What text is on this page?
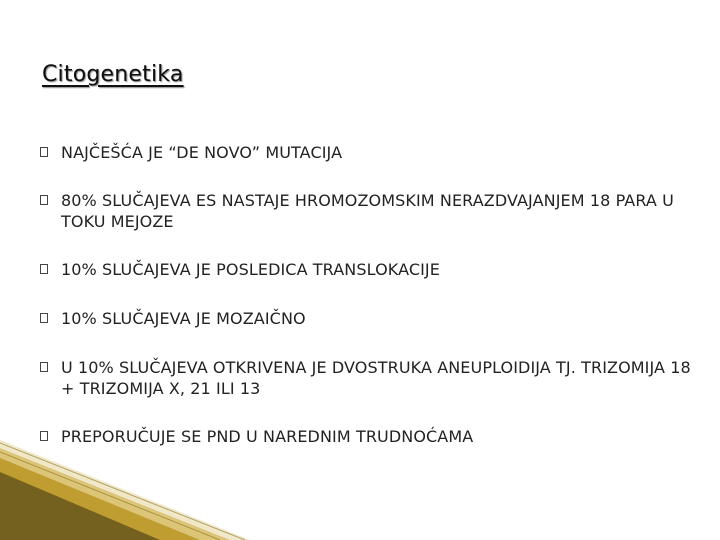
Citogenetika
NAJČEŠĆA JE “DE NOVO” MUTACIJA
80% SLUČAJEVA ES NASTAJE HROMOZOMSKIM NERAZDVAJANJEM 18 PARA U TOKU MEJOZE
10% SLUČAJEVA JE POSLEDICA TRANSLOKACIJE
10% SLUČAJEVA JE MOZAIČNO
U 10% SLUČAJEVA OTKRIVENA JE DVOSTRUKA ANEUPLOIDIJA TJ. TRIZOMIJA 18 + TRIZOMIJA X, 21 ILI 13
PREPORUČUJE SE PND U NAREDNIM TRUDNOĆAMA
